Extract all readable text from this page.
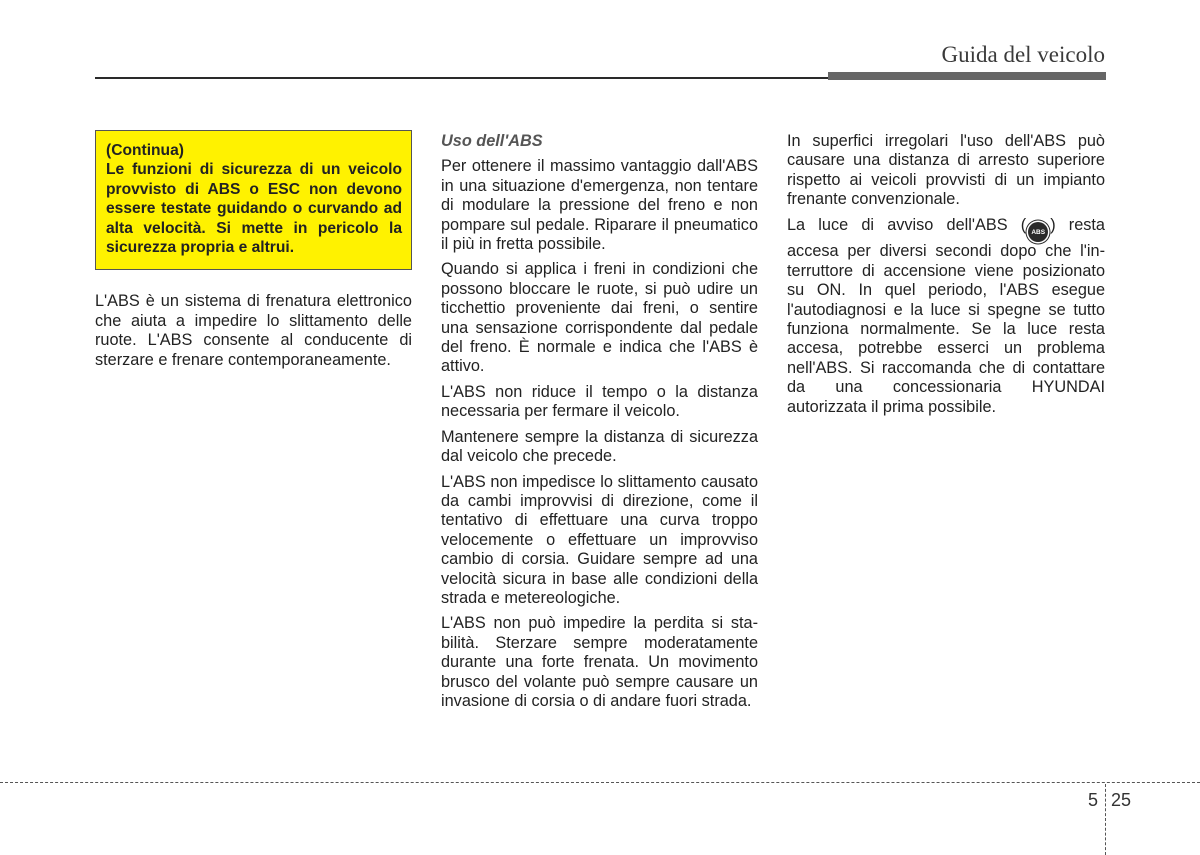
Guida del veicolo

(Continua)

Le funzioni di sicurezza di un veicolo provvisto di ABS o ESC non devono essere testate guidando o curvando ad alta velocità. Si mette in pericolo la sicurezza propria e altrui.

L'ABS è un sistema di frenatura elettronico che aiuta a impedire lo slittamento delle ruote. L'ABS consente al conducente di sterzare e frenare contemporaneamente.

Uso dell'ABS

Per ottenere il massimo vantaggio dall'ABS in una situazione d'emergenza, non tentare di modulare la pressione del freno e non pompare sul pedale. Riparare il pneumatico il più in fretta possibile.

Quando si applica i freni in condizioni che possono bloccare le ruote, si può udire un ticchettio proveniente dai freni, o sentire una sensazione corrispondente dal pedale del freno. È normale e indica che l'ABS è attivo.

L'ABS non riduce il tempo o la distanza necessaria per fermare il veicolo.

Mantenere sempre la distanza di sicurezza dal veicolo che precede.

L'ABS non impedisce lo slittamento causato da cambi improvvisi di direzione, come il tentativo di effettuare una curva troppo velocemente o effettuare un improvviso cambio di corsia. Guidare sempre ad una velocità sicura in base alle condizioni della strada e metereologiche.

L'ABS non può impedire la perdita si stabilità. Sterzare sempre moderatamente durante una forte frenata. Un movimento brusco del volante può sempre causare un invasione di corsia o di andare fuori strada.

In superfici irregolari l'uso dell'ABS può causare una distanza di arresto superiore rispetto ai veicoli provvisti di un impianto frenante convenzionale.

La luce di avviso dell'ABS ( ABS ) resta accesa per diversi secondi dopo che l'interruttore di accensione viene posizionato su ON. In quel periodo, l'ABS esegue l'autodiagnosi e la luce si spegne se tutto funziona normalmente. Se la luce resta accesa, potrebbe esserci un problema nell'ABS. Si raccomanda che di contattare da una concessionaria HYUNDAI autorizzata il prima possibile.

5 25
